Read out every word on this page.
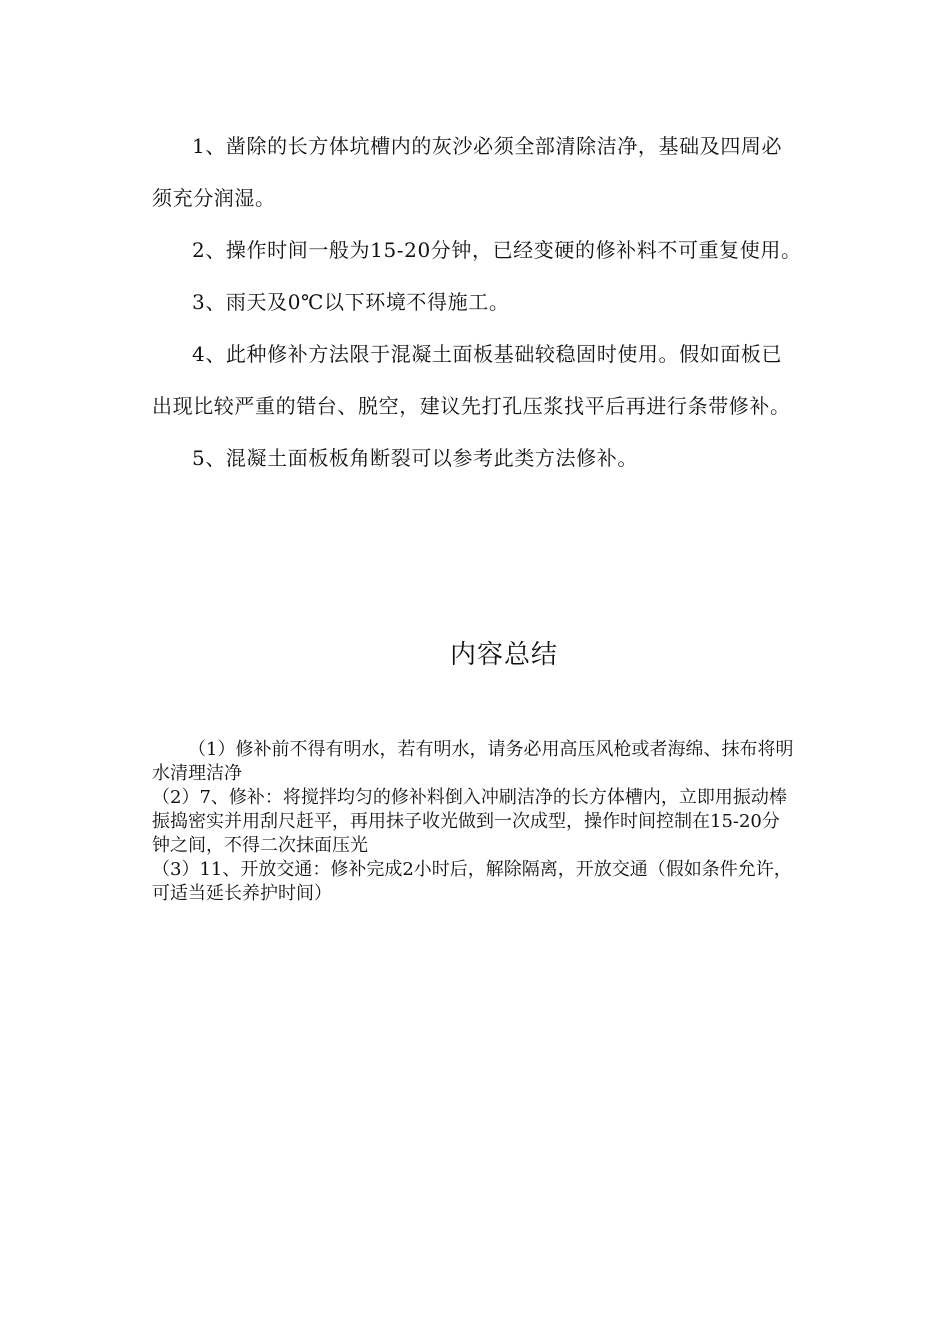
1、凿除的长方体坑槽内的灰沙必须全部清除洁净，基础及四周必须充分润湿。

2、操作时间一般为15-20分钟，已经变硬的修补料不可重复使用。

3、雨天及0℃以下环境不得施工。

4、此种修补方法限于混凝土面板基础较稳固时使用。假如面板已出现比较严重的错台、脱空，建议先打孔压浆找平后再进行条带修补。

5、混凝土面板板角断裂可以参考此类方法修补。

内容总结

（1）修补前不得有明水，若有明水，请务必用高压风枪或者海绵、抹布将明水清理洁净

（2）7、修补：将搅拌均匀的修补料倒入冲刷洁净的长方体槽内，立即用振动棒振捣密实并用刮尺赶平，再用抹子收光做到一次成型，操作时间控制在15-20分钟之间，不得二次抹面压光

（3）11、开放交通：修补完成2小时后，解除隔离，开放交通（假如条件允许，可适当延长养护时间）
